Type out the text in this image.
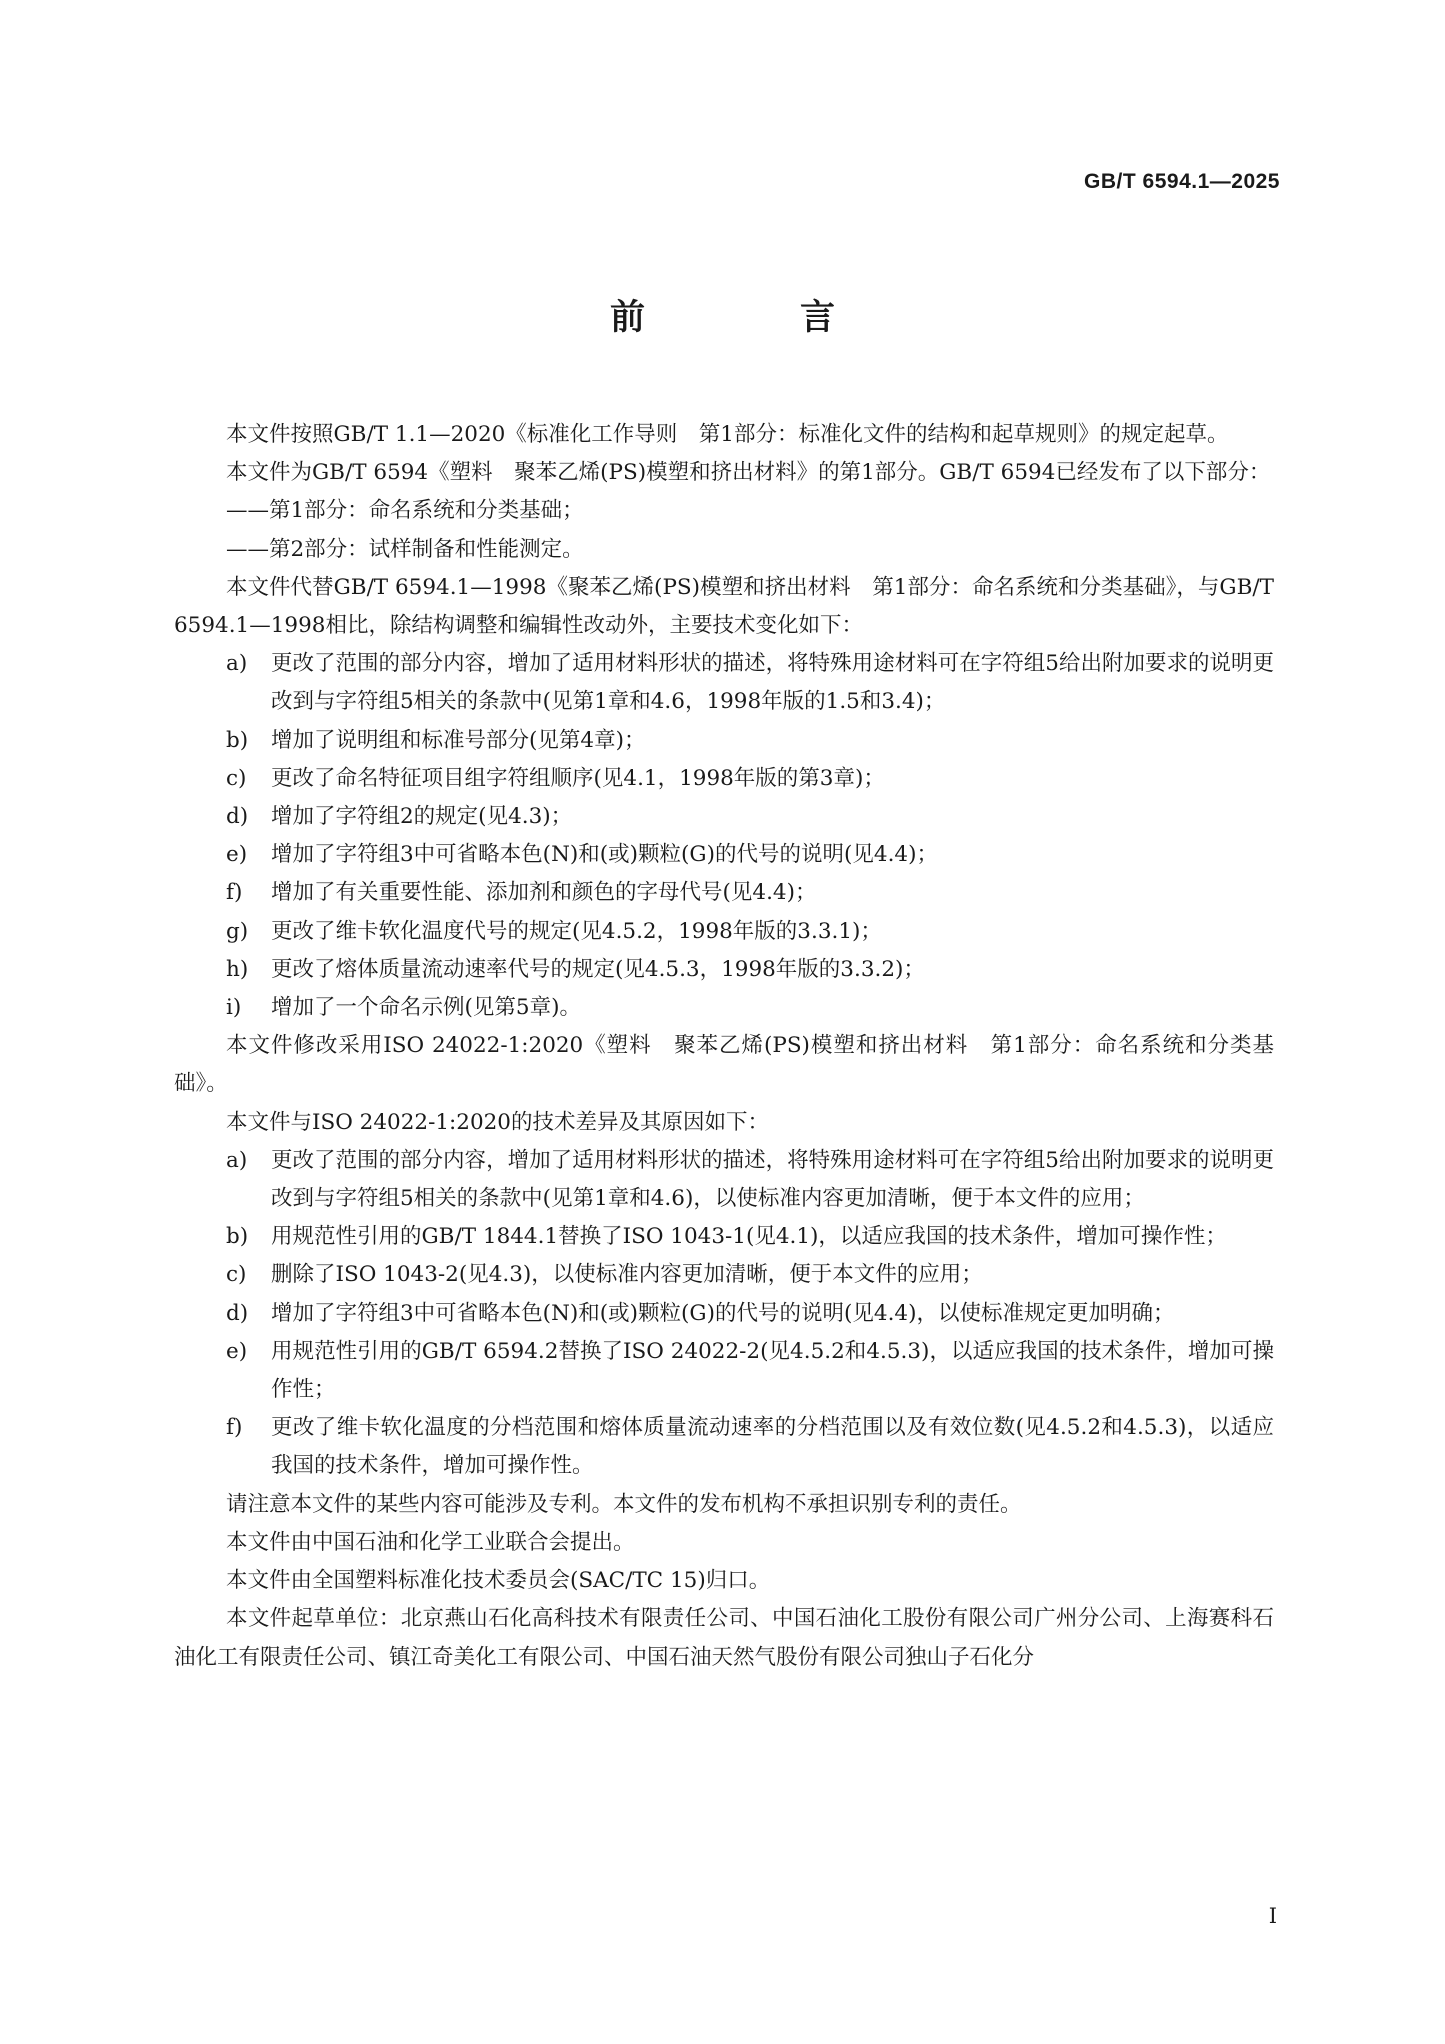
GB/T 6594.1—2025
前　言

本文件按照GB/T 1.1—2020《标准化工作导则　第1部分：标准化文件的结构和起草规则》的规定起草。

本文件为GB/T 6594《塑料　聚苯乙烯(PS)模塑和挤出材料》的第1部分。GB/T 6594已经发布了以下部分：

——第1部分：命名系统和分类基础；

——第2部分：试样制备和性能测定。

本文件代替GB/T 6594.1—1998《聚苯乙烯(PS)模塑和挤出材料　第1部分：命名系统和分类基础》，与GB/T 6594.1—1998相比，除结构调整和编辑性改动外，主要技术变化如下：

a) 更改了范围的部分内容，增加了适用材料形状的描述，将特殊用途材料可在字符组5给出附加要求的说明更改到与字符组5相关的条款中(见第1章和4.6，1998年版的1.5和3.4)；

b) 增加了说明组和标准号部分(见第4章)；

c) 更改了命名特征项目组字符组顺序(见4.1，1998年版的第3章)；

d) 增加了字符组2的规定(见4.3)；

e) 增加了字符组3中可省略本色(N)和(或)颗粒(G)的代号的说明(见4.4)；

f) 增加了有关重要性能、添加剂和颜色的字母代号(见4.4)；

g) 更改了维卡软化温度代号的规定(见4.5.2，1998年版的3.3.1)；

h) 更改了熔体质量流动速率代号的规定(见4.5.3，1998年版的3.3.2)；

i) 增加了一个命名示例(见第5章)。

本文件修改采用ISO 24022-1:2020《塑料　聚苯乙烯(PS)模塑和挤出材料　第1部分：命名系统和分类基础》。

本文件与ISO 24022-1:2020的技术差异及其原因如下：

a) 更改了范围的部分内容，增加了适用材料形状的描述，将特殊用途材料可在字符组5给出附加要求的说明更改到与字符组5相关的条款中(见第1章和4.6)，以使标准内容更加清晰，便于本文件的应用；

b) 用规范性引用的GB/T 1844.1替换了ISO 1043-1(见4.1)，以适应我国的技术条件，增加可操作性；

c) 删除了ISO 1043-2(见4.3)，以使标准内容更加清晰，便于本文件的应用；

d) 增加了字符组3中可省略本色(N)和(或)颗粒(G)的代号的说明(见4.4)，以使标准规定更加明确；

e) 用规范性引用的GB/T 6594.2替换了ISO 24022-2(见4.5.2和4.5.3)，以适应我国的技术条件，增加可操作性；

f) 更改了维卡软化温度的分档范围和熔体质量流动速率的分档范围以及有效位数(见4.5.2和4.5.3)，以适应我国的技术条件，增加可操作性。

请注意本文件的某些内容可能涉及专利。本文件的发布机构不承担识别专利的责任。

本文件由中国石油和化学工业联合会提出。

本文件由全国塑料标准化技术委员会(SAC/TC 15)归口。

本文件起草单位：北京燕山石化高科技术有限责任公司、中国石油化工股份有限公司广州分公司、上海赛科石油化工有限责任公司、镇江奇美化工有限公司、中国石油天然气股份有限公司独山子石化分

I
